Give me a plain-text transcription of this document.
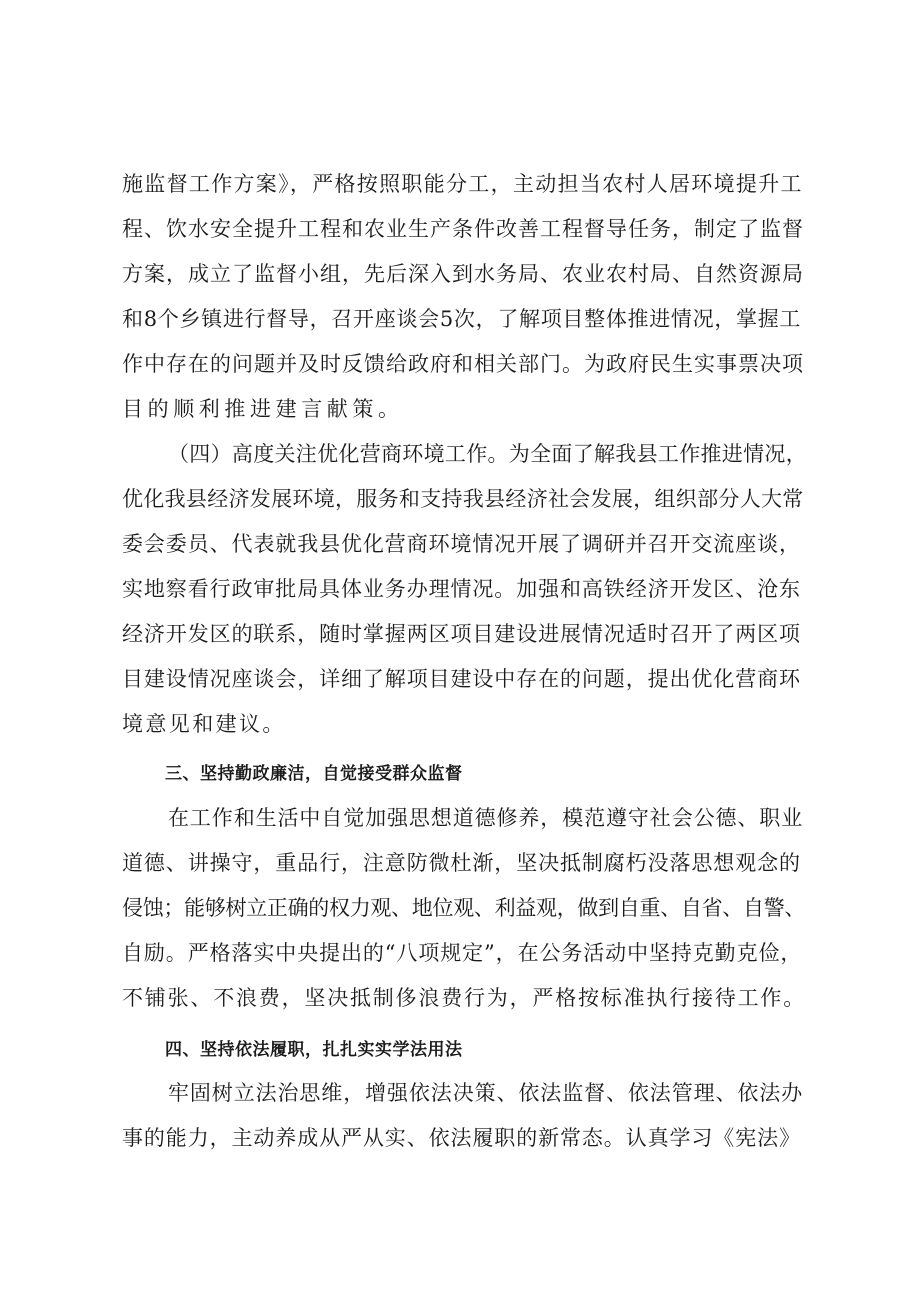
施监督工作方案》，严格按照职能分工，主动担当农村人居环境提升工
程、饮水安全提升工程和农业生产条件改善工程督导任务，制定了监督
方案，成立了监督小组，先后深入到水务局、农业农村局、自然资源局
和8个乡镇进行督导，召开座谈会5次，了解项目整体推进情况，掌握工
作中存在的问题并及时反馈给政府和相关部门。为政府民生实事票决项
目的顺利推进建言献策。
（四）高度关注优化营商环境工作。为全面了解我县工作推进情况，
优化我县经济发展环境，服务和支持我县经济社会发展，组织部分人大常
委会委员、代表就我县优化营商环境情况开展了调研并召开交流座谈，
实地察看行政审批局具体业务办理情况。加强和高铁经济开发区、沧东
经济开发区的联系，随时掌握两区项目建设进展情况适时召开了两区项
目建设情况座谈会，详细了解项目建设中存在的问题，提出优化营商环
境意见和建议。
三、坚持勤政廉洁，自觉接受群众监督
在工作和生活中自觉加强思想道德修养，模范遵守社会公德、职业
道德、讲操守，重品行，注意防微杜渐，坚决抵制腐朽没落思想观念的
侵蚀；能够树立正确的权力观、地位观、利益观，做到自重、自省、自警、
自励。严格落实中央提出的“八项规定”，在公务活动中坚持克勤克俭，
不铺张、不浪费，坚决抵制侈浪费行为，严格按标准执行接待工作。
四、坚持依法履职，扎扎实实学法用法
牢固树立法治思维，增强依法决策、依法监督、依法管理、依法办
事的能力，主动养成从严从实、依法履职的新常态。认真学习《宪法》
